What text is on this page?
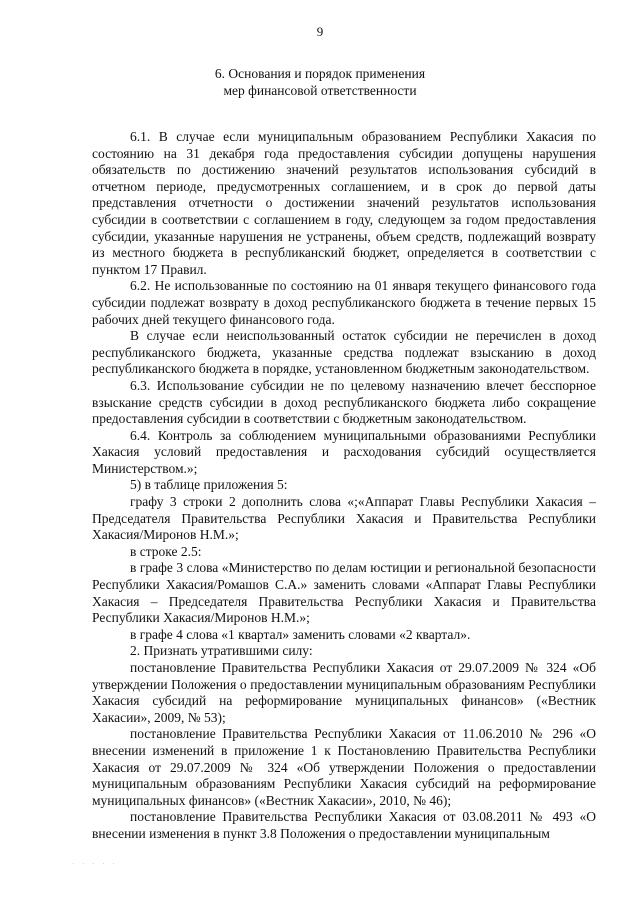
9
6. Основания и порядок применения
мер финансовой ответственности

6.1. В случае если муниципальным образованием Республики Хакасия по состоянию на 31 декабря года предоставления субсидии допущены нарушения обязательств по достижению значений результатов использования субсидий в отчетном периоде, предусмотренных соглашением, и в срок до первой даты представления отчетности о достижении значений результатов использования субсидии в соответствии с соглашением в году, следующем за годом предоставления субсидии, указанные нарушения не устранены, объем средств, подлежащий возврату из местного бюджета в республиканский бюджет, определяется в соответствии с пунктом 17 Правил.

6.2. Не использованные по состоянию на 01 января текущего финансового года субсидии подлежат возврату в доход республиканского бюджета в течение первых 15 рабочих дней текущего финансового года.

В случае если неиспользованный остаток субсидии не перечислен в доход республиканского бюджета, указанные средства подлежат взысканию в доход республиканского бюджета в порядке, установленном бюджетным законодательством.

6.3. Использование субсидии не по целевому назначению влечет бесспорное взыскание средств субсидии в доход республиканского бюджета либо сокращение предоставления субсидии в соответствии с бюджетным законодательством.

6.4. Контроль за соблюдением муниципальными образованиями Республики Хакасия условий предоставления и расходования субсидий осуществляется Министерством.»;

5) в таблице приложения 5:

графу 3 строки 2 дополнить слова «;«Аппарат Главы Республики Хакасия – Председателя Правительства Республики Хакасия и Правительства Республики Хакасия/Миронов Н.М.»;

в строке 2.5:

в графе 3 слова «Министерство по делам юстиции и региональной безопасности Республики Хакасия/Ромашов С.А.» заменить словами «Аппарат Главы Республики Хакасия – Председателя Правительства Республики Хакасия и Правительства Республики Хакасия/Миронов Н.М.»;

в графе 4 слова «1 квартал» заменить словами «2 квартал».

2. Признать утратившими силу:

постановление Правительства Республики Хакасия от 29.07.2009 № 324 «Об утверждении Положения о предоставлении муниципальным образованиям Республики Хакасия субсидий на реформирование муниципальных финансов» («Вестник Хакасии», 2009, № 53);

постановление Правительства Республики Хакасия от 11.06.2010 № 296 «О внесении изменений в приложение 1 к Постановлению Правительства Республики Хакасия от 29.07.2009 № 324 «Об утверждении Положения о предоставлении муниципальным образованиям Республики Хакасия субсидий на реформирование муниципальных финансов» («Вестник Хакасии», 2010, № 46);

постановление Правительства Республики Хакасия от 03.08.2011 № 493 «О внесении изменения в пункт 3.8 Положения о предоставлении муниципальным

· · · · ·
